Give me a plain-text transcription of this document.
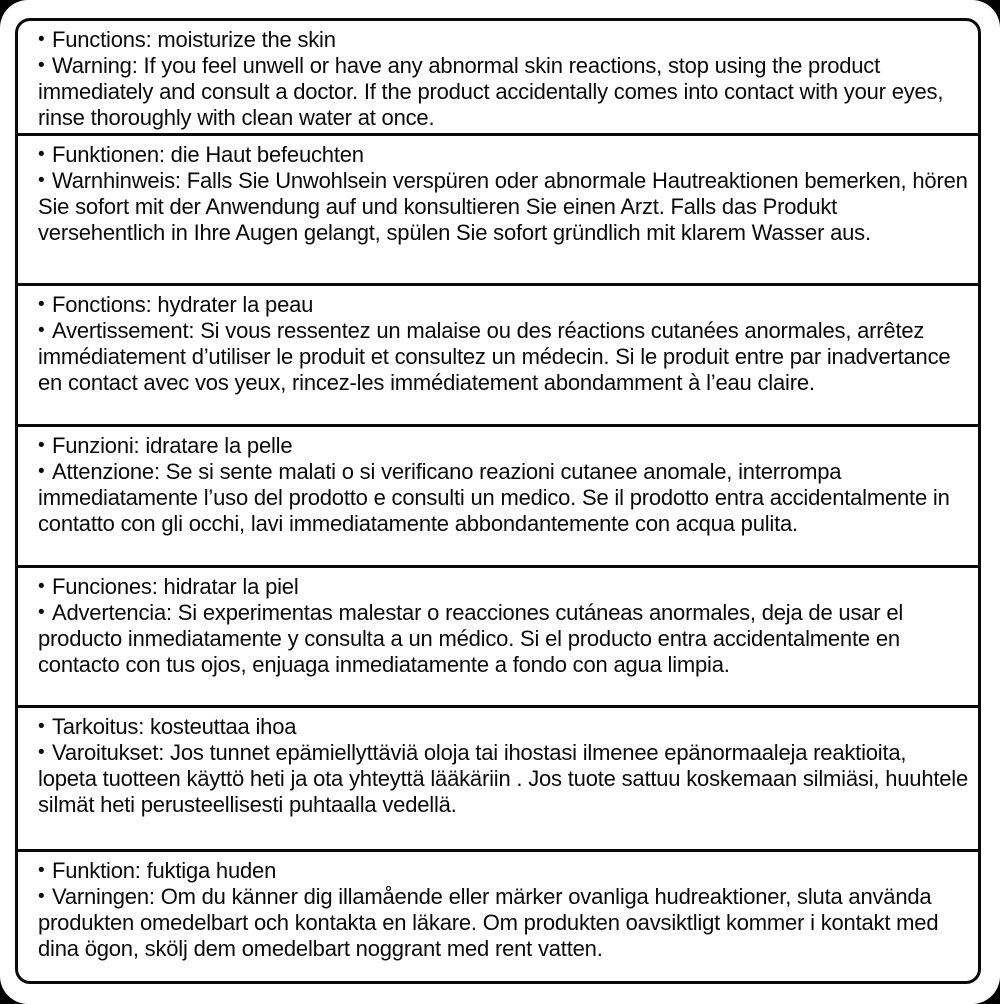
• Functions: moisturize the skin
• Warning: If you feel unwell or have any abnormal skin reactions, stop using the product immediately and consult a doctor. If the product accidentally comes into contact with your eyes, rinse thoroughly with clean water at once.
• Funktionen: die Haut befeuchten
• Warnhinweis: Falls Sie Unwohlsein verspüren oder abnormale Hautreaktionen bemerken, hören Sie sofort mit der Anwendung auf und konsultieren Sie einen Arzt. Falls das Produkt versehentlich in Ihre Augen gelangt, spülen Sie sofort gründlich mit klarem Wasser aus.
• Fonctions: hydrater la peau
• Avertissement: Si vous ressentez un malaise ou des réactions cutanées anormales, arrêtez immédiatement d’utiliser le produit et consultez un médecin. Si le produit entre par inadvertance en contact avec vos yeux, rincez-les immédiatement abondamment à l’eau claire.
• Funzioni: idratare la pelle
• Attenzione: Se si sente malati o si verificano reazioni cutanee anomale, interrompa immediatamente l’uso del prodotto e consulti un medico. Se il prodotto entra accidentalmente in contatto con gli occhi, lavi immediatamente abbondantemente con acqua pulita.
• Funciones: hidratar la piel
• Advertencia: Si experimentas malestar o reacciones cutáneas anormales, deja de usar el producto inmediatamente y consulta a un médico. Si el producto entra accidentalmente en contacto con tus ojos, enjuaga inmediatamente a fondo con agua limpia.
• Tarkoitus: kosteuttaa ihoa
• Varoitukset: Jos tunnet epämiellyttäviä oloja tai ihostasi ilmenee epänormaaleja reaktioita, lopeta tuotteen käyttö heti ja ota yhteyttä lääkäriin . Jos tuote sattuu koskemaan silmiäsi, huuhtele silmät heti perusteellisesti puhtaalla vedellä.
• Funktion: fuktiga huden
• Varningen: Om du känner dig illamående eller märker ovanliga hudreaktioner, sluta använda produkten omedelbart och kontakta en läkare. Om produkten oavsiktligt kommer i kontakt med dina ögon, skölj dem omedelbart noggrant med rent vatten.
